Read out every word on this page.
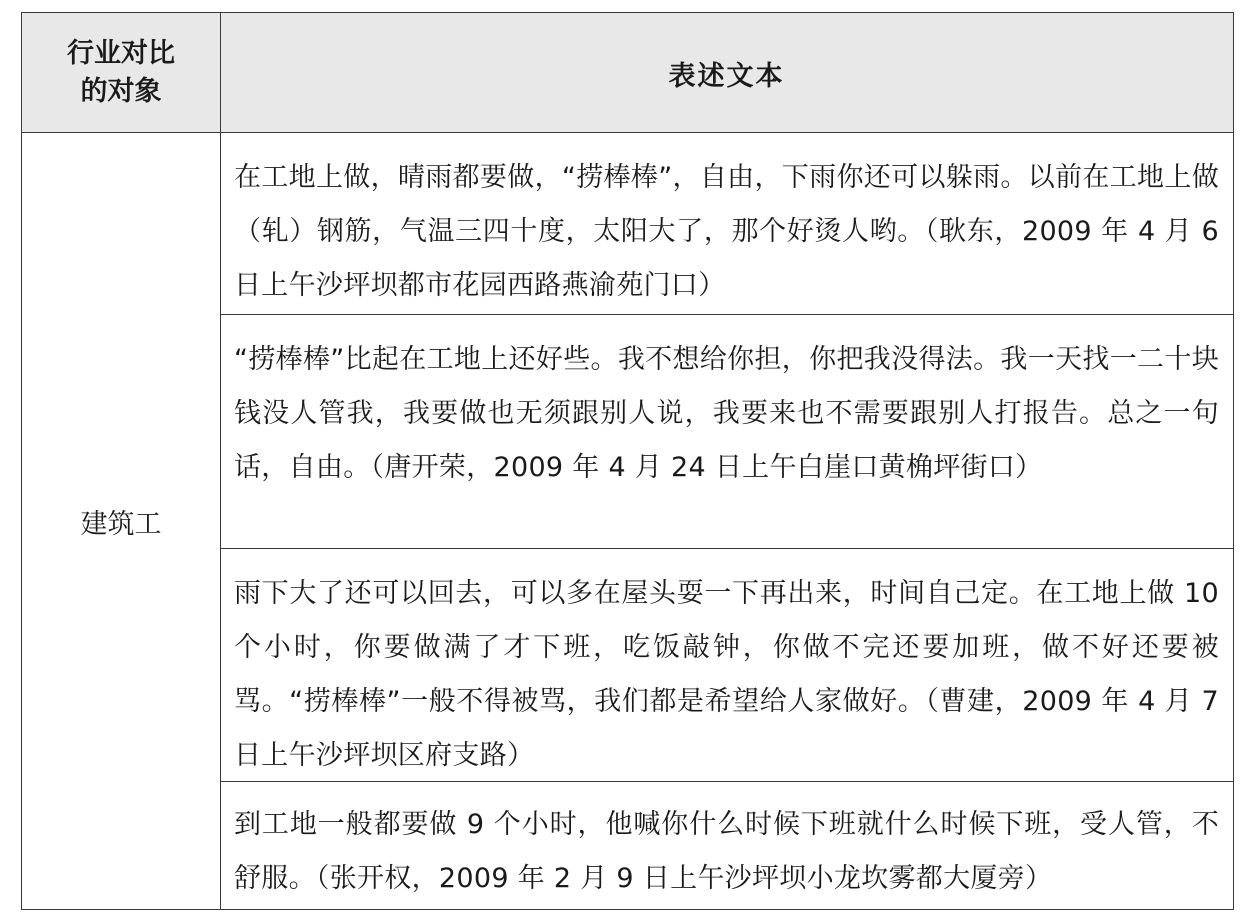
行业对比
的对象	表述文本
建筑工
在工地上做，晴雨都要做，“捞棒棒”，自由，下雨你还可以躲雨。以前在工地上做（轧）钢筋，气温三四十度，太阳大了，那个好烫人哟。（耿东，2009 年 4 月 6 日上午沙坪坝都市花园西路燕渝苑门口）
“捞棒棒”比起在工地上还好些。我不想给你担，你把我没得法。我一天找一二十块钱没人管我，我要做也无须跟别人说，我要来也不需要跟别人打报告。总之一句话，自由。（唐开荣，2009 年 4 月 24 日上午白崖口黄桷坪街口）
雨下大了还可以回去，可以多在屋头耍一下再出来，时间自己定。在工地上做 10 个小时，你要做满了才下班，吃饭敲钟，你做不完还要加班，做不好还要被骂。“捞棒棒”一般不得被骂，我们都是希望给人家做好。（曹建，2009 年 4 月 7 日上午沙坪坝区府支路）
到工地一般都要做 9 个小时，他喊你什么时候下班就什么时候下班，受人管，不舒服。（张开权，2009 年 2 月 9 日上午沙坪坝小龙坎雾都大厦旁）
